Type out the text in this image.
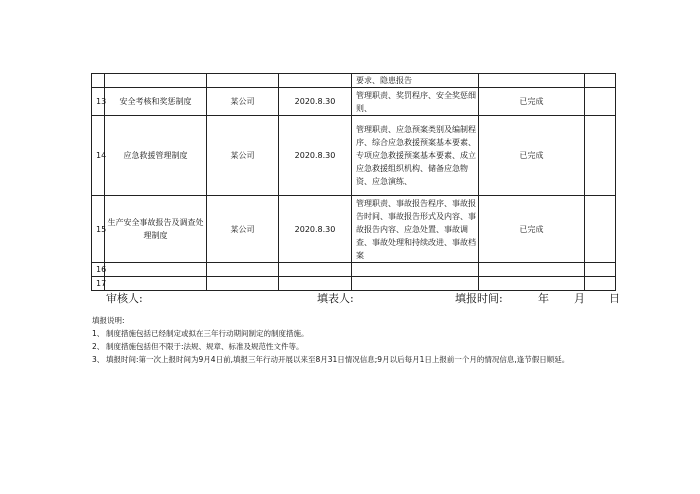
				要求、隐患报告		
13	安全考核和奖惩制度	某公司	2020.8.30	管理职责、奖罚程序、安全奖惩细则、	已完成	
14	应急救援管理制度	某公司	2020.8.30	管理职责、应急预案类别及编制程序、综合应急救援预案基本要素、专项应急救援预案基本要素、成立应急救援组织机构、储备应急物资、应急演练、	已完成	
15	生产安全事故报告及调查处理制度	某公司	2020.8.30	管理职责、事故报告程序、事故报告时间、事故报告形式及内容、事故报告内容、应急处置、事故调查、事故处理和持续改进、事故档案	已完成	
16						
17						
审核人:	填表人:	填报时间:	年 月 日
填报说明:
1、 制度措施包括已经制定或拟在三年行动期间制定的制度措施。
2、 制度措施包括但不限于:法规、规章、标准及规范性文件等。
3、 填报时间:第一次上报时间为9月4日前,填报三年行动开展以来至8月31日情况信息;9月以后每月1日上报前一个月的情况信息,逢节假日顺延。
